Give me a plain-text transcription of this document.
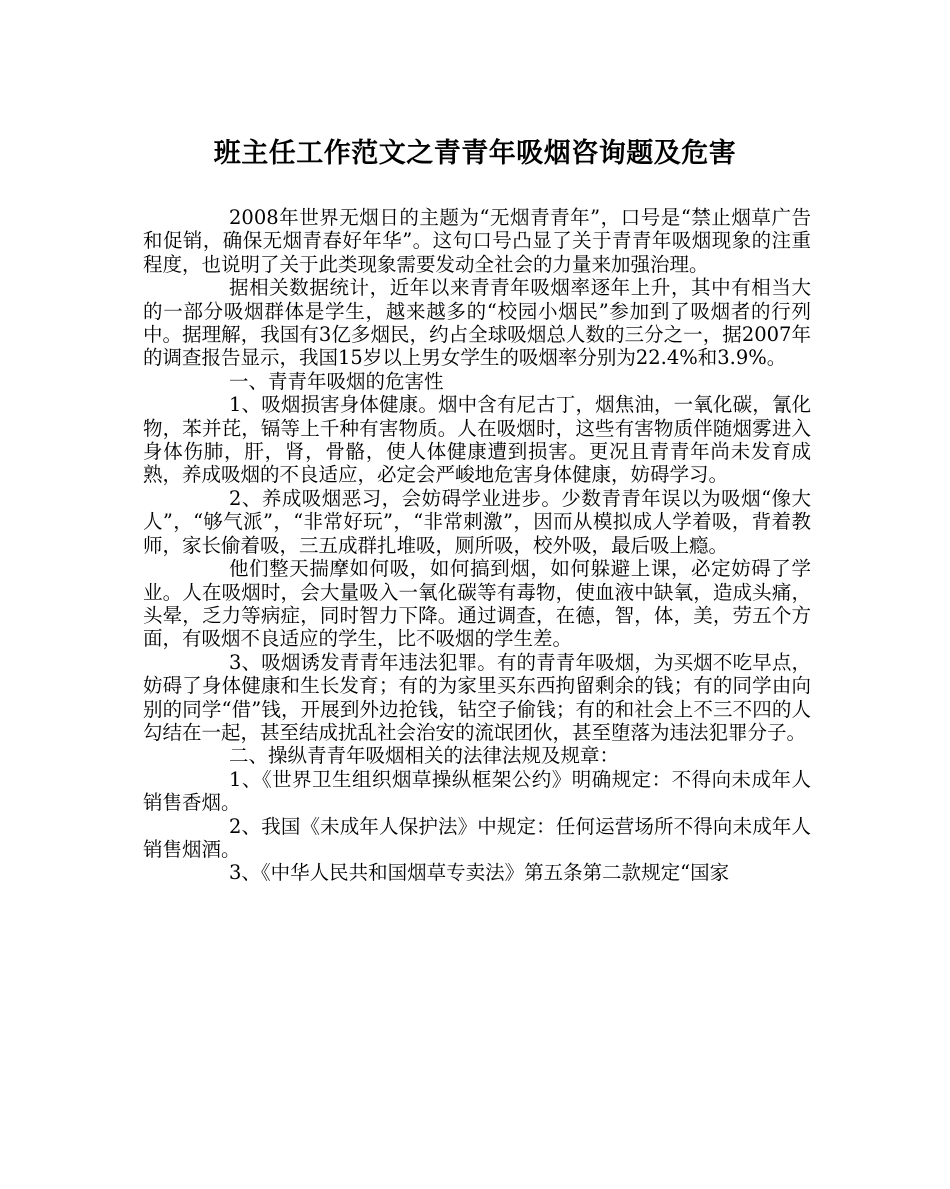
班主任工作范文之青青年吸烟咨询题及危害

2008年世界无烟日的主题为“无烟青青年”，口号是“禁止烟草广告和促销，确保无烟青春好年华”。这句口号凸显了关于青青年吸烟现象的注重程度，也说明了关于此类现象需要发动全社会的力量来加强治理。

据相关数据统计，近年以来青青年吸烟率逐年上升，其中有相当大的一部分吸烟群体是学生，越来越多的“校园小烟民”参加到了吸烟者的行列中。据理解，我国有3亿多烟民，约占全球吸烟总人数的三分之一，据2007年的调查报告显示，我国15岁以上男女学生的吸烟率分别为22.4%和3.9%。

一、青青年吸烟的危害性

1、吸烟损害身体健康。烟中含有尼古丁，烟焦油，一氧化碳，氰化物，苯并芘，镉等上千种有害物质。人在吸烟时，这些有害物质伴随烟雾进入身体伤肺，肝，肾，骨骼，使人体健康遭到损害。更况且青青年尚未发育成熟，养成吸烟的不良适应，必定会严峻地危害身体健康，妨碍学习。

2、养成吸烟恶习，会妨碍学业进步。少数青青年误以为吸烟“像大人”，“够气派”，“非常好玩”，“非常刺激”，因而从模拟成人学着吸，背着教师，家长偷着吸，三五成群扎堆吸，厕所吸，校外吸，最后吸上瘾。

他们整天揣摩如何吸，如何搞到烟，如何躲避上课，必定妨碍了学业。人在吸烟时，会大量吸入一氧化碳等有毒物，使血液中缺氧，造成头痛，头晕，乏力等病症，同时智力下降。通过调查，在德，智，体，美，劳五个方面，有吸烟不良适应的学生，比不吸烟的学生差。

3、吸烟诱发青青年违法犯罪。有的青青年吸烟，为买烟不吃早点，妨碍了身体健康和生长发育；有的为家里买东西拘留剩余的钱；有的同学由向别的同学“借”钱，开展到外边抢钱，钻空子偷钱；有的和社会上不三不四的人勾结在一起，甚至结成扰乱社会治安的流氓团伙，甚至堕落为违法犯罪分子。

二、操纵青青年吸烟相关的法律法规及规章：

1、《世界卫生组织烟草操纵框架公约》明确规定：不得向未成年人销售香烟。

2、我国《未成年人保护法》中规定：任何运营场所不得向未成年人销售烟酒。

3、《中华人民共和国烟草专卖法》第五条第二款规定“国家
